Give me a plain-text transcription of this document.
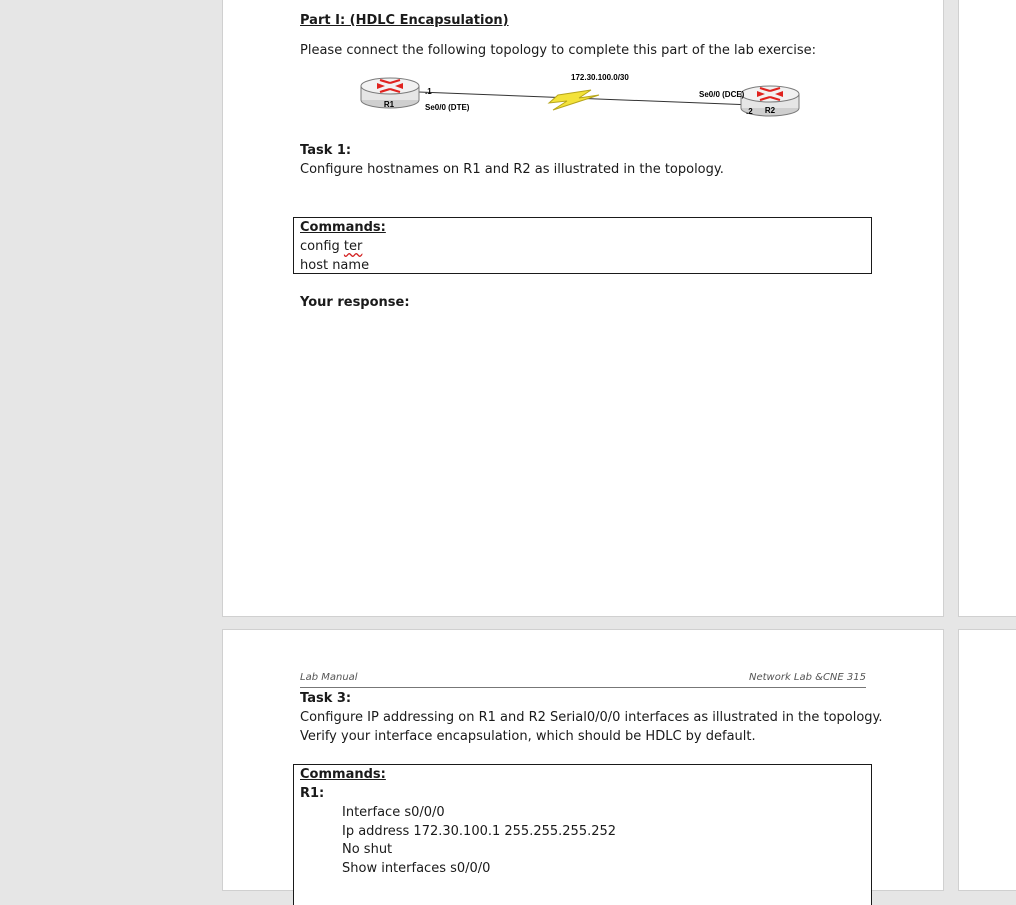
Part I: (HDLC Encapsulation)
Please connect the following topology to complete this part of the lab exercise:
R1
.1
Se0/0 (DTE)
172.30.100.0/30
Se0/0 (DCE)
.2 R2
Task 1:
Configure hostnames on R1 and R2 as illustrated in the topology.
Commands:
config ter
host name
Your response:
Lab Manual	Network Lab &CNE 315
Task 3:
Configure IP addressing on R1 and R2 Serial0/0/0 interfaces as illustrated in the topology.
Verify your interface encapsulation, which should be HDLC by default.
Commands:
R1:
Interface s0/0/0
Ip address 172.30.100.1 255.255.255.252
No shut
Show interfaces s0/0/0
